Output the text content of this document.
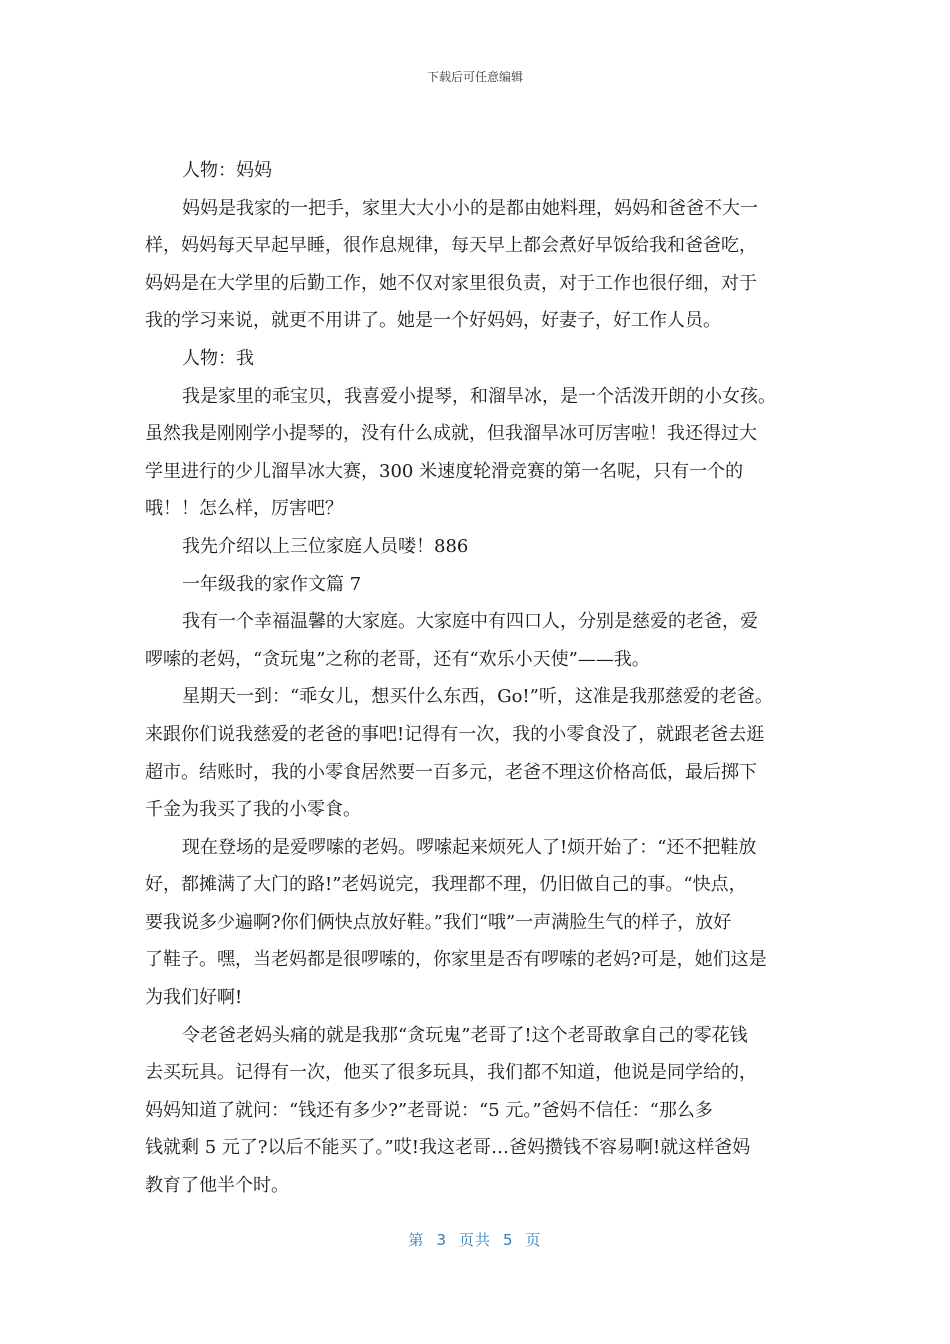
下载后可任意编辑
人物：妈妈
妈妈是我家的一把手，家里大大小小的是都由她料理，妈妈和爸爸不大一
样，妈妈每天早起早睡，很作息规律，每天早上都会煮好早饭给我和爸爸吃，
妈妈是在大学里的后勤工作，她不仅对家里很负责，对于工作也很仔细，对于
我的学习来说，就更不用讲了。她是一个好妈妈，好妻子，好工作人员。
人物：我
我是家里的乖宝贝，我喜爱小提琴，和溜旱冰，是一个活泼开朗的小女孩。
虽然我是刚刚学小提琴的，没有什么成就，但我溜旱冰可厉害啦！我还得过大
学里进行的少儿溜旱冰大赛，300 米速度轮滑竞赛的第一名呢，只有一个的
哦！！怎么样，厉害吧？
我先介绍以上三位家庭人员喽！886
一年级我的家作文篇 7
我有一个幸福温馨的大家庭。大家庭中有四口人，分别是慈爱的老爸，爱
啰嗦的老妈，“贪玩鬼”之称的老哥，还有“欢乐小天使”——我。
星期天一到：“乖女儿，想买什么东西，Go!”听，这准是我那慈爱的老爸。
来跟你们说我慈爱的老爸的事吧!记得有一次，我的小零食没了，就跟老爸去逛
超市。结账时，我的小零食居然要一百多元，老爸不理这价格高低，最后掷下
千金为我买了我的小零食。
现在登场的是爱啰嗦的老妈。啰嗦起来烦死人了!烦开始了：“还不把鞋放
好，都摊满了大门的路!”老妈说完，我理都不理，仍旧做自己的事。“快点，
要我说多少遍啊?你们俩快点放好鞋。”我们“哦”一声满脸生气的样子，放好
了鞋子。嘿，当老妈都是很啰嗦的，你家里是否有啰嗦的老妈?可是，她们这是
为我们好啊!
令老爸老妈头痛的就是我那“贪玩鬼”老哥了!这个老哥敢拿自己的零花钱
去买玩具。记得有一次，他买了很多玩具，我们都不知道，他说是同学给的，
妈妈知道了就问：“钱还有多少?”老哥说：“5 元。”爸妈不信任：“那么多
钱就剩 5 元了?以后不能买了。”哎!我这老哥…爸妈攒钱不容易啊!就这样爸妈
教育了他半个时。
第 3 页共 5 页
